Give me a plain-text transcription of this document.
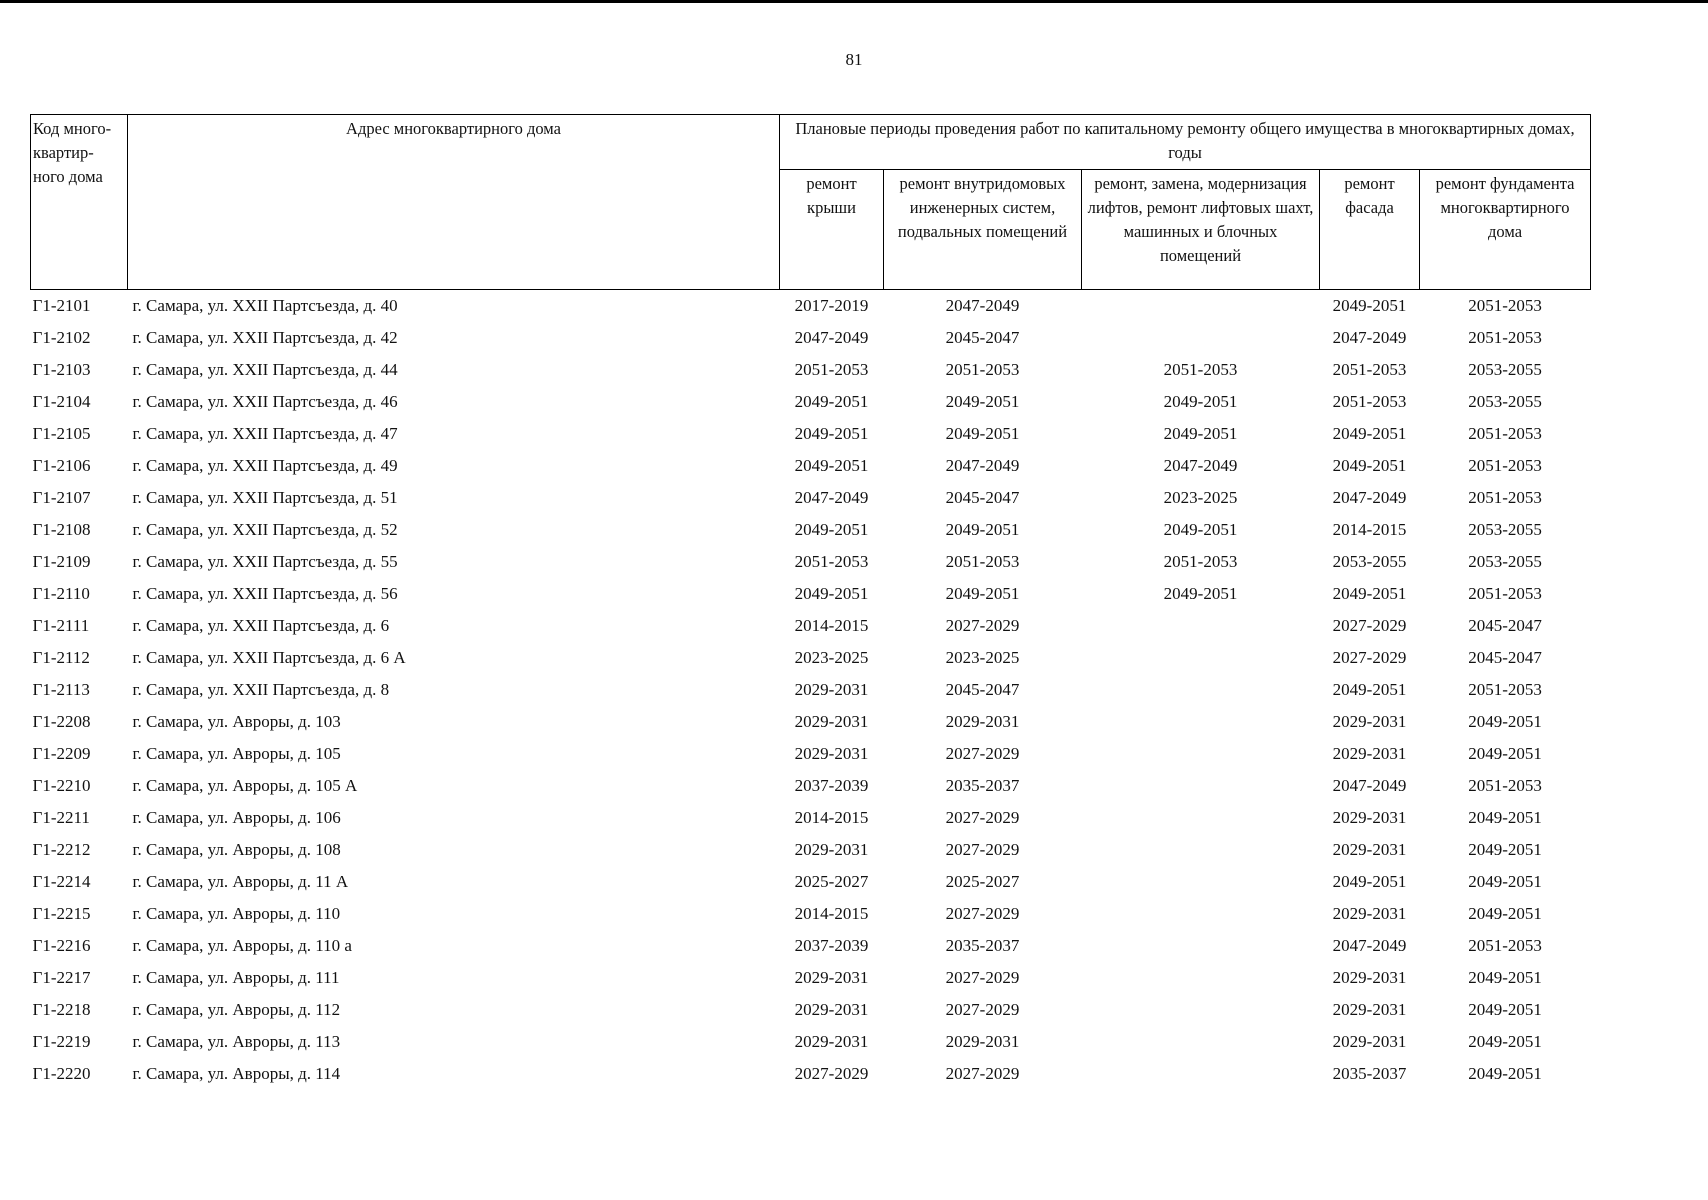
81
Код много-квартир-ного дома	Адрес многоквартирного дома	Плановые периоды проведения работ по капитальному ремонту общего имущества в многоквартирных домах, годы				
		ремонт крыши	ремонт внутридомовых инженерных систем, подвальных помещений	ремонт, замена, модернизация лифтов, ремонт лифтовых шахт, машинных и блочных помещений	ремонт фасада	ремонт фундамента многоквартирного дома
Г1-2101	г. Самара, ул. XXII Партсъезда, д. 40	2017-2019	2047-2049		2049-2051	2051-2053
Г1-2102	г. Самара, ул. XXII Партсъезда, д. 42	2047-2049	2045-2047		2047-2049	2051-2053
Г1-2103	г. Самара, ул. XXII Партсъезда, д. 44	2051-2053	2051-2053	2051-2053	2051-2053	2053-2055
Г1-2104	г. Самара, ул. XXII Партсъезда, д. 46	2049-2051	2049-2051	2049-2051	2051-2053	2053-2055
Г1-2105	г. Самара, ул. XXII Партсъезда, д. 47	2049-2051	2049-2051	2049-2051	2049-2051	2051-2053
Г1-2106	г. Самара, ул. XXII Партсъезда, д. 49	2049-2051	2047-2049	2047-2049	2049-2051	2051-2053
Г1-2107	г. Самара, ул. XXII Партсъезда, д. 51	2047-2049	2045-2047	2023-2025	2047-2049	2051-2053
Г1-2108	г. Самара, ул. XXII Партсъезда, д. 52	2049-2051	2049-2051	2049-2051	2014-2015	2053-2055
Г1-2109	г. Самара, ул. XXII Партсъезда, д. 55	2051-2053	2051-2053	2051-2053	2053-2055	2053-2055
Г1-2110	г. Самара, ул. XXII Партсъезда, д. 56	2049-2051	2049-2051	2049-2051	2049-2051	2051-2053
Г1-2111	г. Самара, ул. XXII Партсъезда, д. 6	2014-2015	2027-2029		2027-2029	2045-2047
Г1-2112	г. Самара, ул. XXII Партсъезда, д. 6 А	2023-2025	2023-2025		2027-2029	2045-2047
Г1-2113	г. Самара, ул. XXII Партсъезда, д. 8	2029-2031	2045-2047		2049-2051	2051-2053
Г1-2208	г. Самара, ул. Авроры, д. 103	2029-2031	2029-2031		2029-2031	2049-2051
Г1-2209	г. Самара, ул. Авроры, д. 105	2029-2031	2027-2029		2029-2031	2049-2051
Г1-2210	г. Самара, ул. Авроры, д. 105 А	2037-2039	2035-2037		2047-2049	2051-2053
Г1-2211	г. Самара, ул. Авроры, д. 106	2014-2015	2027-2029		2029-2031	2049-2051
Г1-2212	г. Самара, ул. Авроры, д. 108	2029-2031	2027-2029		2029-2031	2049-2051
Г1-2214	г. Самара, ул. Авроры, д. 11 А	2025-2027	2025-2027		2049-2051	2049-2051
Г1-2215	г. Самара, ул. Авроры, д. 110	2014-2015	2027-2029		2029-2031	2049-2051
Г1-2216	г. Самара, ул. Авроры, д. 110 а	2037-2039	2035-2037		2047-2049	2051-2053
Г1-2217	г. Самара, ул. Авроры, д. 111	2029-2031	2027-2029		2029-2031	2049-2051
Г1-2218	г. Самара, ул. Авроры, д. 112	2029-2031	2027-2029		2029-2031	2049-2051
Г1-2219	г. Самара, ул. Авроры, д. 113	2029-2031	2029-2031		2029-2031	2049-2051
Г1-2220	г. Самара, ул. Авроры, д. 114	2027-2029	2027-2029		2035-2037	2049-2051
